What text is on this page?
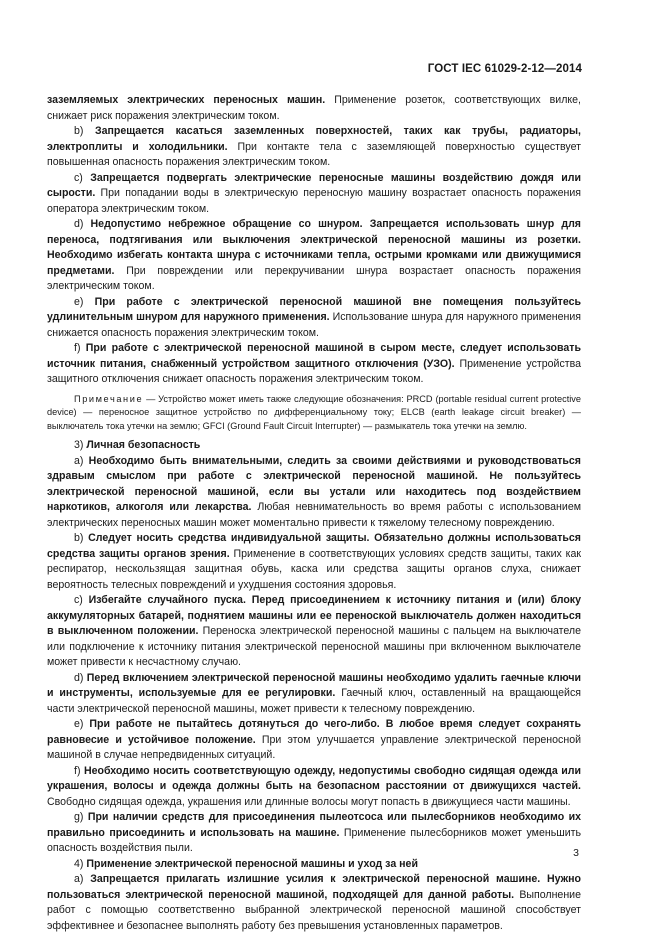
ГОСТ IEC 61029-2-12—2014

заземляемых электрических переносных машин. Применение розеток, соответствующих вилке, снижает риск поражения электрическим током.

b) Запрещается касаться заземленных поверхностей, таких как трубы, радиаторы, электроплиты и холодильники. При контакте тела с заземляющей поверхностью существует повышенная опасность поражения электрическим током.

c) Запрещается подвергать электрические переносные машины воздействию дождя или сырости. При попадании воды в электрическую переносную машину возрастает опасность поражения оператора электрическим током.

d) Недопустимо небрежное обращение со шнуром. Запрещается использовать шнур для переноса, подтягивания или выключения электрической переносной машины из розетки. Необходимо избегать контакта шнура с источниками тепла, острыми кромками или движущимися предметами. При повреждении или перекручивании шнура возрастает опасность поражения электрическим током.

e) При работе с электрической переносной машиной вне помещения пользуйтесь удлинительным шнуром для наружного применения. Использование шнура для наружного применения снижается опасность поражения электрическим током.

f) При работе с электрической переносной машиной в сыром месте, следует использовать источник питания, снабженный устройством защитного отключения (УЗО). Применение устройства защитного отключения снижает опасность поражения электрическим током.

Примечание — Устройство может иметь также следующие обозначения: PRCD (portable residual current protective device) — переносное защитное устройство по дифференциальному току; ELCB (earth leakage circuit breaker) — выключатель тока утечки на землю; GFCI (Ground Fault Circuit Interrupter) — размыкатель тока утечки на землю.

3) Личная безопасность

a) Необходимо быть внимательными, следить за своими действиями и руководствоваться здравым смыслом при работе с электрической переносной машиной. Не пользуйтесь электрической переносной машиной, если вы устали или находитесь под воздействием наркотиков, алкоголя или лекарства. Любая невнимательность во время работы с использованием электрических переносных машин может моментально привести к тяжелому телесному повреждению.

b) Следует носить средства индивидуальной защиты. Обязательно должны использоваться средства защиты органов зрения. Применение в соответствующих условиях средств защиты, таких как респиратор, нескользящая защитная обувь, каска или средства защиты органов слуха, снижает вероятность телесных повреждений и ухудшения состояния здоровья.

c) Избегайте случайного пуска. Перед присоединением к источнику питания и (или) блоку аккумуляторных батарей, поднятием машины или ее переноской выключатель должен находиться в выключенном положении. Переноска электрической переносной машины с пальцем на выключателе или подключение к источнику питания электрической переносной машины при включенном выключателе может привести к несчастному случаю.

d) Перед включением электрической переносной машины необходимо удалить гаечные ключи и инструменты, используемые для ее регулировки. Гаечный ключ, оставленный на вращающейся части электрической переносной машины, может привести к телесному повреждению.

e) При работе не пытайтесь дотянуться до чего-либо. В любое время следует сохранять равновесие и устойчивое положение. При этом улучшается управление электрической переносной машиной в случае непредвиденных ситуаций.

f) Необходимо носить соответствующую одежду, недопустимы свободно сидящая одежда или украшения, волосы и одежда должны быть на безопасном расстоянии от движущихся частей. Свободно сидящая одежда, украшения или длинные волосы могут попасть в движущиеся части машины.

g) При наличии средств для присоединения пылеотсоса или пылесборников необходимо их правильно присоединить и использовать на машине. Применение пылесборников может уменьшить опасность воздействия пыли.

4) Применение электрической переносной машины и уход за ней

a) Запрещается прилагать излишние усилия к электрической переносной машине. Нужно пользоваться электрической переносной машиной, подходящей для данной работы. Выполнение работ с помощью соответственно выбранной электрической переносной машиной способствует эффективнее и безопаснее выполнять работу без превышения установленных параметров.

3
